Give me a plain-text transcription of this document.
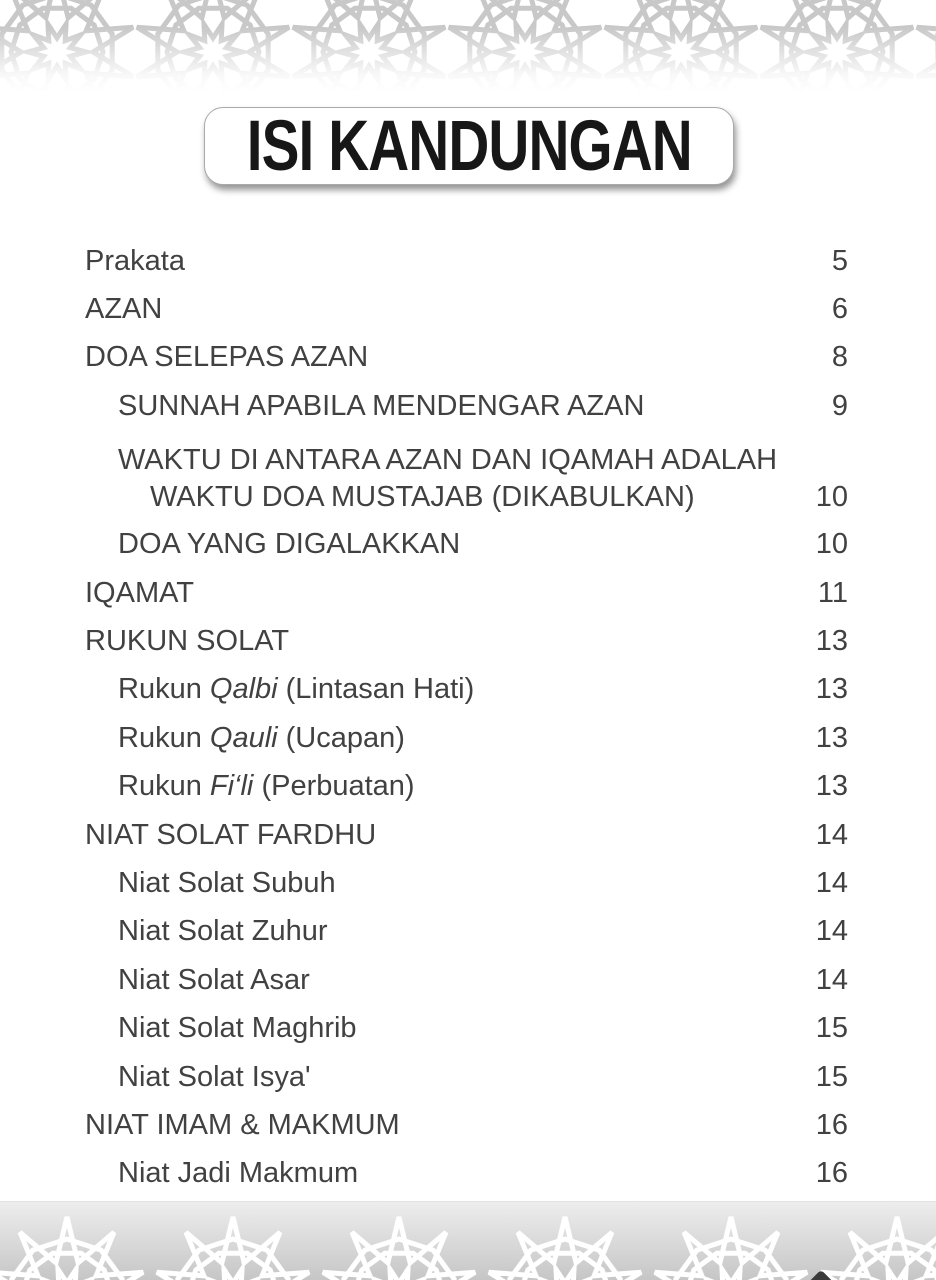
ISI KANDUNGAN
Prakata	5
AZAN	6
DOA SELEPAS AZAN	8
SUNNAH APABILA MENDENGAR AZAN	9
WAKTU DI ANTARA AZAN DAN IQAMAH ADALAH WAKTU DOA MUSTAJAB (DIKABULKAN)	10
DOA YANG DIGALAKKAN	10
IQAMAT	11
RUKUN SOLAT	13
Rukun Qalbi (Lintasan Hati)	13
Rukun Qauli (Ucapan)	13
Rukun Fi‘li (Perbuatan)	13
NIAT SOLAT FARDHU	14
Niat Solat Subuh	14
Niat Solat Zuhur	14
Niat Solat Asar	14
Niat Solat Maghrib	15
Niat Solat Isya'	15
NIAT IMAM & MAKMUM	16
Niat Jadi Makmum	16
